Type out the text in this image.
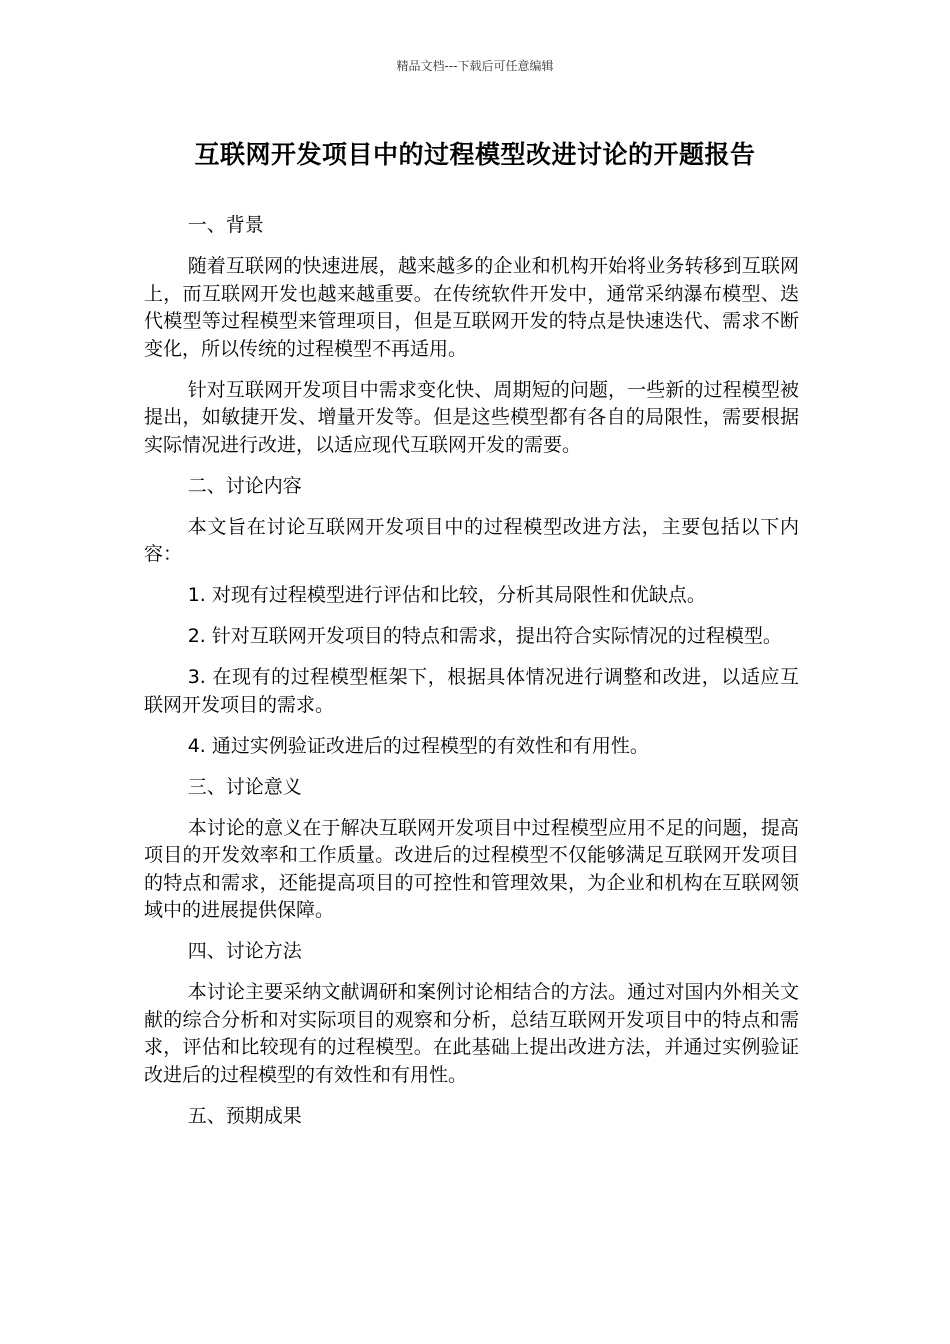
精品文档---下载后可任意编辑
互联网开发项目中的过程模型改进讨论的开题报告

一、背景

随着互联网的快速进展，越来越多的企业和机构开始将业务转移到互联网上，而互联网开发也越来越重要。在传统软件开发中，通常采纳瀑布模型、迭代模型等过程模型来管理项目，但是互联网开发的特点是快速迭代、需求不断变化，所以传统的过程模型不再适用。

针对互联网开发项目中需求变化快、周期短的问题，一些新的过程模型被提出，如敏捷开发、增量开发等。但是这些模型都有各自的局限性，需要根据实际情况进行改进，以适应现代互联网开发的需要。

二、讨论内容

本文旨在讨论互联网开发项目中的过程模型改进方法，主要包括以下内容：

1. 对现有过程模型进行评估和比较，分析其局限性和优缺点。

2. 针对互联网开发项目的特点和需求，提出符合实际情况的过程模型。

3. 在现有的过程模型框架下，根据具体情况进行调整和改进，以适应互联网开发项目的需求。

4. 通过实例验证改进后的过程模型的有效性和有用性。

三、讨论意义

本讨论的意义在于解决互联网开发项目中过程模型应用不足的问题，提高项目的开发效率和工作质量。改进后的过程模型不仅能够满足互联网开发项目的特点和需求，还能提高项目的可控性和管理效果，为企业和机构在互联网领域中的进展提供保障。

四、讨论方法

本讨论主要采纳文献调研和案例讨论相结合的方法。通过对国内外相关文献的综合分析和对实际项目的观察和分析，总结互联网开发项目中的特点和需求，评估和比较现有的过程模型。在此基础上提出改进方法，并通过实例验证改进后的过程模型的有效性和有用性。

五、预期成果
